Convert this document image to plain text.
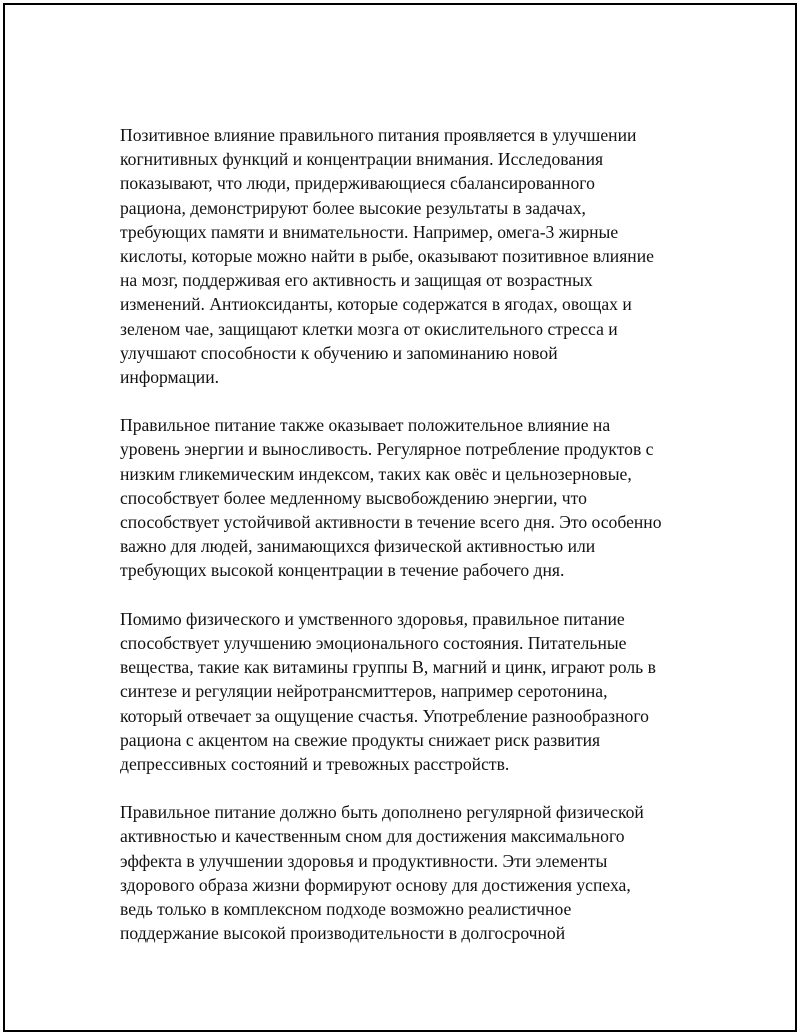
Позитивное влияние правильного питания проявляется в улучшении
когнитивных функций и концентрации внимания. Исследования
показывают, что люди, придерживающиеся сбалансированного
рациона, демонстрируют более высокие результаты в задачах,
требующих памяти и внимательности. Например, омега-3 жирные
кислоты, которые можно найти в рыбе, оказывают позитивное влияние
на мозг, поддерживая его активность и защищая от возрастных
изменений. Антиоксиданты, которые содержатся в ягодах, овощах и
зеленом чае, защищают клетки мозга от окислительного стресса и
улучшают способности к обучению и запоминанию новой
информации.
Правильное питание также оказывает положительное влияние на
уровень энергии и выносливость. Регулярное потребление продуктов с
низким гликемическим индексом, таких как овёс и цельнозерновые,
способствует более медленному высвобождению энергии, что
способствует устойчивой активности в течение всего дня. Это особенно
важно для людей, занимающихся физической активностью или
требующих высокой концентрации в течение рабочего дня.
Помимо физического и умственного здоровья, правильное питание
способствует улучшению эмоционального состояния. Питательные
вещества, такие как витамины группы B, магний и цинк, играют роль в
синтезе и регуляции нейротрансмиттеров, например серотонина,
который отвечает за ощущение счастья. Употребление разнообразного
рациона с акцентом на свежие продукты снижает риск развития
депрессивных состояний и тревожных расстройств.
Правильное питание должно быть дополнено регулярной физической
активностью и качественным сном для достижения максимального
эффекта в улучшении здоровья и продуктивности. Эти элементы
здорового образа жизни формируют основу для достижения успеха,
ведь только в комплексном подходе возможно реалистичное
поддержание высокой производительности в долгосрочной
